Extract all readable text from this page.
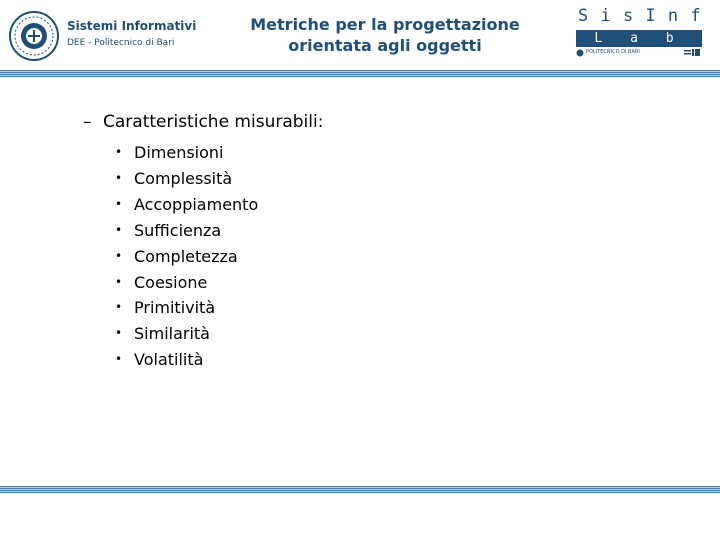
Sistemi Informativi
DEE - Politecnico di Bari
Metriche per la progettazione
orientata agli oggetti
S i s I n f
L a b
POLITECNICO DI BARI
– Caratteristiche misurabili:
• Dimensioni
• Complessità
• Accoppiamento
• Sufficienza
• Completezza
• Coesione
• Primitività
• Similarità
• Volatilità
